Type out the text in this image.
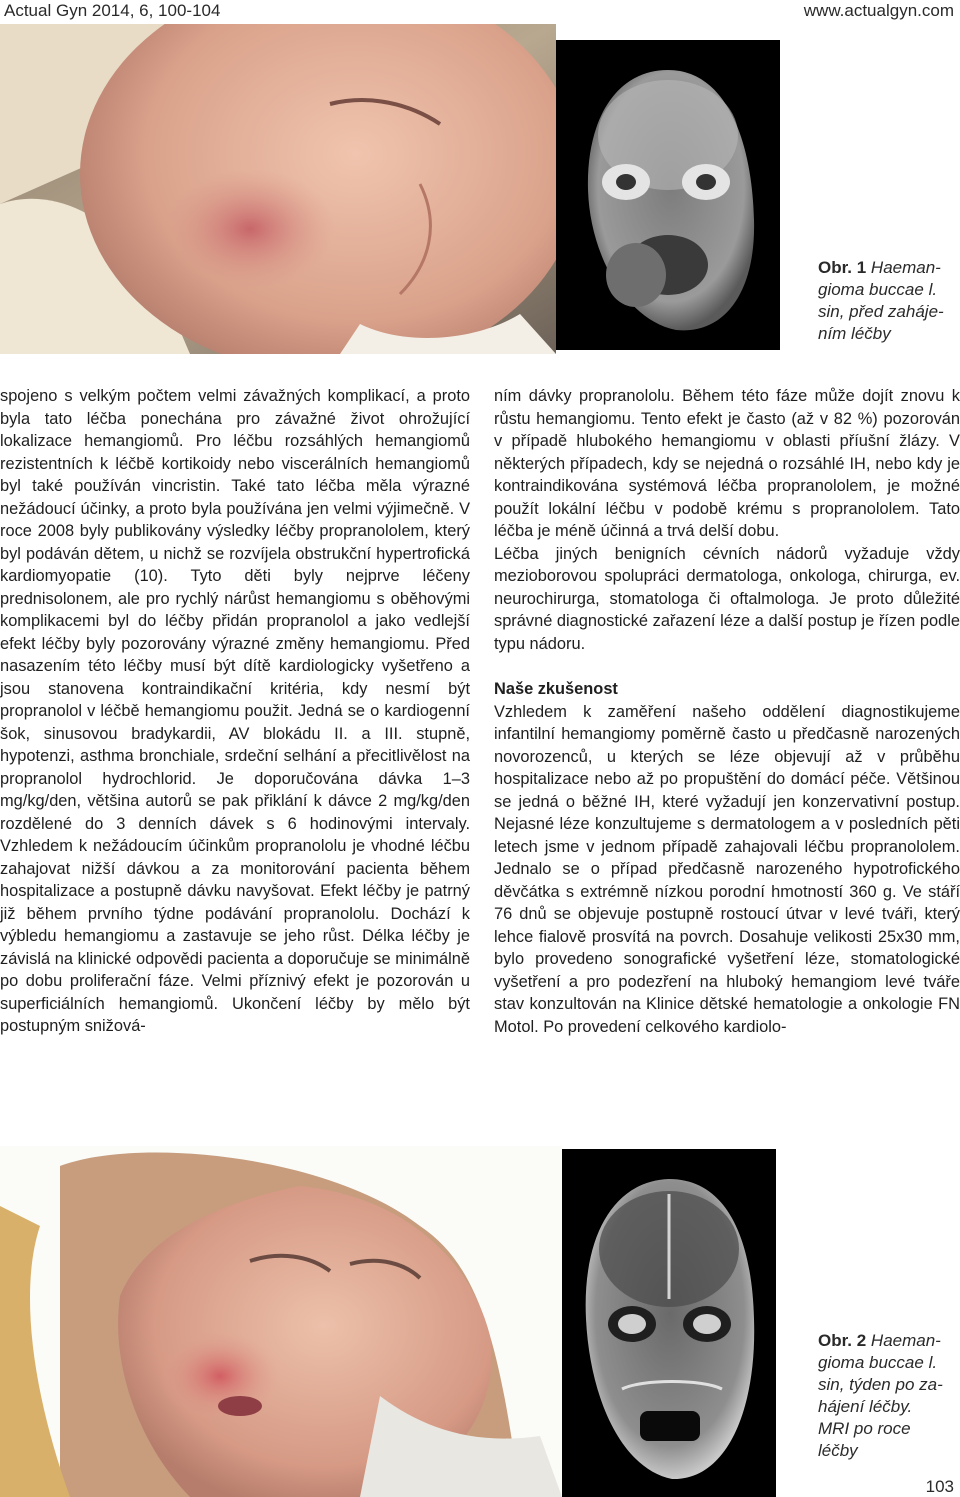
Actual Gyn 2014, 6, 100-104	www.actualgyn.com
Obr. 1 Haeman-
gioma buccae l.
sin, před zaháje-
ním léčby

spojeno s velkým počtem velmi závažných komplikací, a proto byla tato léčba ponechána pro závažné život ohrožující lokalizace hemangiomů. Pro léčbu rozsáhlých hemangiomů rezistentních k léčbě kortikoidy nebo viscerálních hemangiomů byl také používán vincristin. Také tato léčba měla výrazné nežádoucí účinky, a proto byla používána jen velmi výjimečně. V roce 2008 byly publikovány výsledky léčby propranololem, který byl podáván dětem, u nichž se rozvíjela obstrukční hypertrofická kardiomyopatie (10). Tyto děti byly nejprve léčeny prednisolonem, ale pro rychlý nárůst hemangiomu s oběhovými komplikacemi byl do léčby přidán propranolol a jako vedlejší efekt léčby byly pozorovány výrazné změny hemangiomu. Před nasazením této léčby musí být dítě kardiologicky vyšetřeno a jsou stanovena kontraindikační kritéria, kdy nesmí být propranolol v léčbě hemangiomu použit. Jedná se o kardiogenní šok, sinusovou bradykardii, AV blokádu II. a III. stupně, hypotenzi, asthma bronchiale, srdeční selhání a přecitlivělost na propranolol hydrochlorid. Je doporučována dávka 1–3 mg/kg/den, většina autorů se pak přiklání k dávce 2 mg/kg/den rozdělené do 3 denních dávek s 6 hodinovými intervaly. Vzhledem k nežádoucím účinkům propranololu je vhodné léčbu zahajovat nižší dávkou a za monitorování pacienta během hospitalizace a postupně dávku navyšovat. Efekt léčby je patrný již během prvního týdne podávání propranololu. Dochází k výbledu hemangiomu a zastavuje se jeho růst. Délka léčby je závislá na klinické odpovědi pacienta a doporučuje se minimálně po dobu proliferační fáze. Velmi příznivý efekt je pozorován u superficiálních hemangiomů. Ukončení léčby by mělo být postupným snižová-

ním dávky propranololu. Během této fáze může dojít znovu k růstu hemangiomu. Tento efekt je často (až v 82 %) pozorován v případě hlubokého hemangiomu v oblasti příušní žlázy. V některých případech, kdy se nejedná o rozsáhlé IH, nebo kdy je kontraindikována systémová léčba propranololem, je možné použít lokální léčbu v podobě krému s propranololem. Tato léčba je méně účinná a trvá delší dobu.

Léčba jiných benigních cévních nádorů vyžaduje vždy mezioborovou spolupráci dermatologa, onkologa, chirurga, ev. neurochirurga, stomatologa či oftalmologa. Je proto důležité správné diagnostické zařazení léze a další postup je řízen podle typu nádoru.

Naše zkušenost

Vzhledem k zaměření našeho oddělení diagnostikujeme infantilní hemangiomy poměrně často u předčasně narozených novorozenců, u kterých se léze objevují až v průběhu hospitalizace nebo až po propuštění do domácí péče. Většinou se jedná o běžné IH, které vyžadují jen konzervativní postup. Nejasné léze konzultujeme s dermatologem a v posledních pěti letech jsme v jednom případě zahajovali léčbu propranololem. Jednalo se o případ předčasně narozeného hypotrofického děvčátka s extrémně nízkou porodní hmotností 360 g. Ve stáří 76 dnů se objevuje postupně rostoucí útvar v levé tváři, který lehce fialově prosvítá na povrch. Dosahuje velikosti 25x30 mm, bylo provedeno sonografické vyšetření léze, stomatologické vyšetření a pro podezření na hluboký hemangiom levé tváře stav konzultován na Klinice dětské hematologie a onkologie FN Motol. Po provedení celkového kardiolo-

Obr. 2 Haeman-
gioma buccae l.
sin, týden po za-
hájení léčby.
MRI po roce
léčby
103
